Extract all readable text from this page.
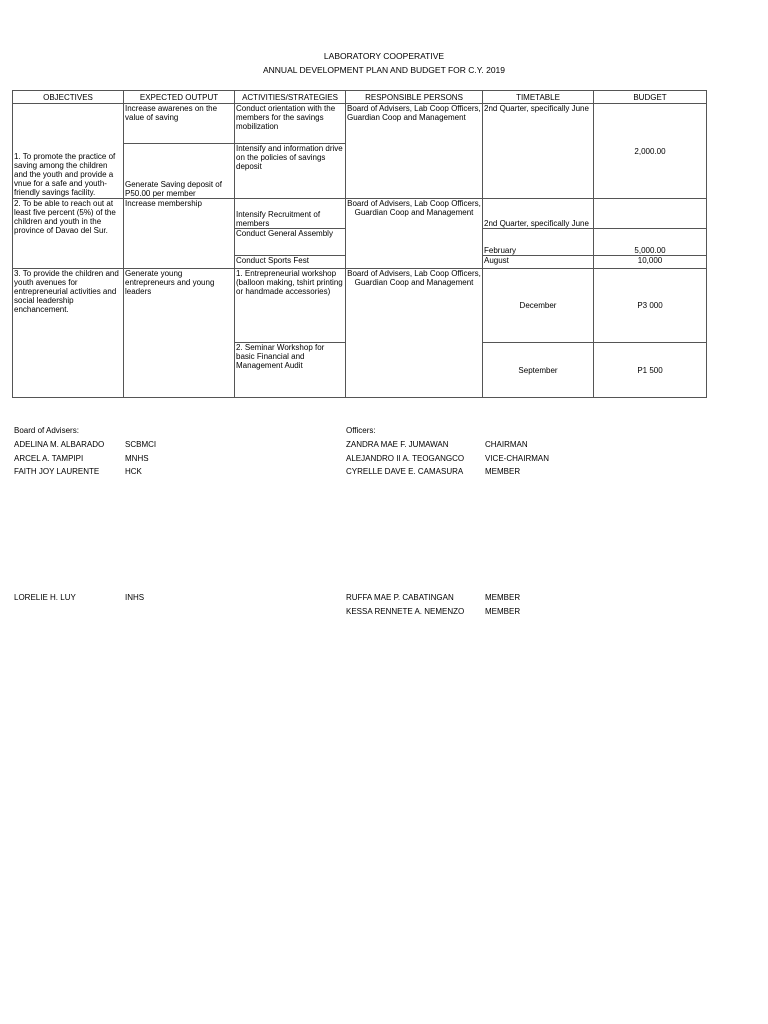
LABORATORY COOPERATIVE
ANNUAL DEVELOPMENT PLAN AND BUDGET FOR C.Y. 2019
OBJECTIVES	EXPECTED OUTPUT	ACTIVITIES/STRATEGIES	RESPONSIBLE PERSONS	TIMETABLE	BUDGET
1. To promote the practice of saving among the children and the youth and provide a vnue for a safe and youth-friendly savings facility.	Increase awarenes on the value of saving	Conduct orientation with the members for the savings mobilization	Board of Advisers, Lab Coop Officers, Guardian Coop and Management	2nd Quarter, specifically June	2,000.00
	Generate Saving deposit of P50.00 per member	Intensify and information drive on the policies of savings deposit			
2. To be able to reach out at least five percent (5%) of the children and youth in the province of Davao del Sur.	Increase membership	Intensify Recruitment of members	Board of Advisers, Lab Coop Officers, Guardian Coop and Management	2nd Quarter, specifically June	
		Conduct General Assembly		February	5,000.00
		Conduct Sports Fest		August	10,000
3. To provide the children and youth avenues for entrepreneurial activities and social leadership enchancement.	Generate young entrepreneurs and young leaders	1. Entrepreneurial workshop (balloon making, tshirt printing or handmade accessories)	Board of Advisers, Lab Coop Officers, Guardian Coop and Management	December	P3 000
		2. Seminar Workshop for basic Financial and Management Audit		September	P1 500
Board of Advisers:	Officers:
ADELINA M. ALBARADO	SCBMCI
ARCEL A. TAMPIPI	MNHS
FAITH JOY LAURENTE	HCK
LORELIE H. LUY	INHS
ZANDRA MAE F. JUMAWAN	CHAIRMAN
ALEJANDRO II A. TEOGANGCO	VICE-CHAIRMAN
CYRELLE DAVE E. CAMASURA	MEMBER
RUFFA MAE P. CABATINGAN	MEMBER
KESSA RENNETE A. NEMENZO	MEMBER
